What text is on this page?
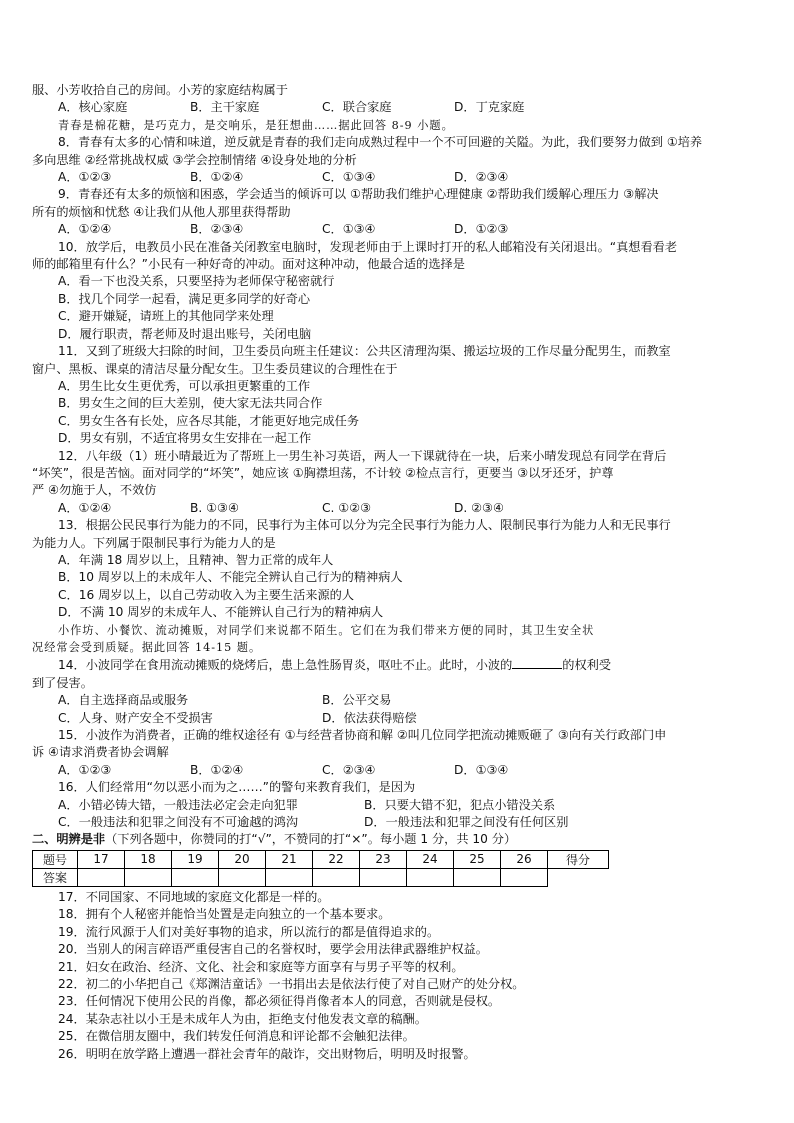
服、小芳收拾自己的房间。小芳的家庭结构属于
A．核心家庭	B．主干家庭	C．联合家庭	D．丁克家庭
青春是棉花糖，是巧克力，是交响乐，是狂想曲……据此回答 8-9 小题。
8．青春有太多的心情和味道，逆反就是青春的我们走向成熟过程中一个不可回避的关隘。为此，我们要努力做到 ①培养
多向思维 ②经常挑战权威 ③学会控制情绪 ④设身处地的分析
A．①②③	B．①②④	C．①③④	D．②③④
9．青春还有太多的烦恼和困惑，学会适当的倾诉可以 ①帮助我们维护心理健康 ②帮助我们缓解心理压力 ③解决
所有的烦恼和忧愁 ④让我们从他人那里获得帮助
A．①②④	B．②③④	C．①③④	D．①②③
10．放学后，电教员小民在准备关闭教室电脑时，发现老师由于上课时打开的私人邮箱没有关闭退出。“真想看看老
师的邮箱里有什么？”小民有一种好奇的冲动。面对这种冲动，他最合适的选择是
A．看一下也没关系，只要坚持为老师保守秘密就行
B．找几个同学一起看，满足更多同学的好奇心
C．避开嫌疑，请班上的其他同学来处理
D．履行职责，帮老师及时退出账号，关闭电脑
11．又到了班级大扫除的时间，卫生委员向班主任建议：公共区清理沟渠、搬运垃圾的工作尽量分配男生，而教室
窗户、黑板、课桌的清洁尽量分配女生。卫生委员建议的合理性在于
A．男生比女生更优秀，可以承担更繁重的工作
B．男女生之间的巨大差别，使大家无法共同合作
C．男女生各有长处，应各尽其能，才能更好地完成任务
D．男女有别，不适宜将男女生安排在一起工作
12．八年级（1）班小晴最近为了帮班上一男生补习英语，两人一下课就待在一块，后来小晴发现总有同学在背后
“坏笑”，很是苦恼。面对同学的“坏笑”，她应该 ①胸襟坦荡，不计较 ②检点言行，更要当 ③以牙还牙，护尊
严 ④勿施于人，不效仿
A．①②④	B. ①③④	C. ①②③	D. ②③④
13．根据公民民事行为能力的不同，民事行为主体可以分为完全民事行为能力人、限制民事行为能力人和无民事行
为能力人。下列属于限制民事行为能力人的是
A．年满 18 周岁以上，且精神、智力正常的成年人
B．10 周岁以上的未成年人、不能完全辨认自己行为的精神病人
C．16 周岁以上，以自己劳动收入为主要生活来源的人
D．不满 10 周岁的未成年人、不能辨认自己行为的精神病人
小作坊、小餐饮、流动摊贩，对同学们来说都不陌生。它们在为我们带来方便的同时，其卫生安全状
况经常会受到质疑。据此回答 14-15 题。
14．小波同学在食用流动摊贩的烧烤后，患上急性肠胃炎，呕吐不止。此时，小波的	的权利受
到了侵害。
A．自主选择商品或服务	B．公平交易
C．人身、财产安全不受损害	D．依法获得赔偿
15．小波作为消费者，正确的维权途径有 ①与经营者协商和解 ②叫几位同学把流动摊贩砸了 ③向有关行政部门申
诉 ④请求消费者协会调解
A．①②③	B．①②④	C．②③④	D．①③④
16．人们经常用“勿以恶小而为之……”的警句来教育我们，是因为
A．小错必铸大错，一般违法必定会走向犯罪	B．只要大错不犯，犯点小错没关系
C．一般违法和犯罪之间没有不可逾越的鸿沟	D．一般违法和犯罪之间没有任何区别
二、明辨是非（下列各题中，你赞同的打“√”，不赞同的打“×”。每小题 1 分，共 10 分）
题号	17	18	19	20	21	22	23	24	25	26	得分
答案											
17．不同国家、不同地域的家庭文化都是一样的。
18．拥有个人秘密并能恰当处置是走向独立的一个基本要求。
19．流行风源于人们对美好事物的追求，所以流行的都是值得追求的。
20．当别人的闲言碎语严重侵害自己的名誉权时，要学会用法律武器维护权益。
21．妇女在政治、经济、文化、社会和家庭等方面享有与男子平等的权利。
22．初二的小华把自己《郑渊洁童话》一书捐出去是依法行使了对自己财产的处分权。
23．任何情况下使用公民的肖像，都必须征得肖像者本人的同意，否则就是侵权。
24．某杂志社以小王是未成年人为由，拒绝支付他发表文章的稿酬。
25．在微信朋友圈中，我们转发任何消息和评论都不会触犯法律。
26．明明在放学路上遭遇一群社会青年的敲诈，交出财物后，明明及时报警。
